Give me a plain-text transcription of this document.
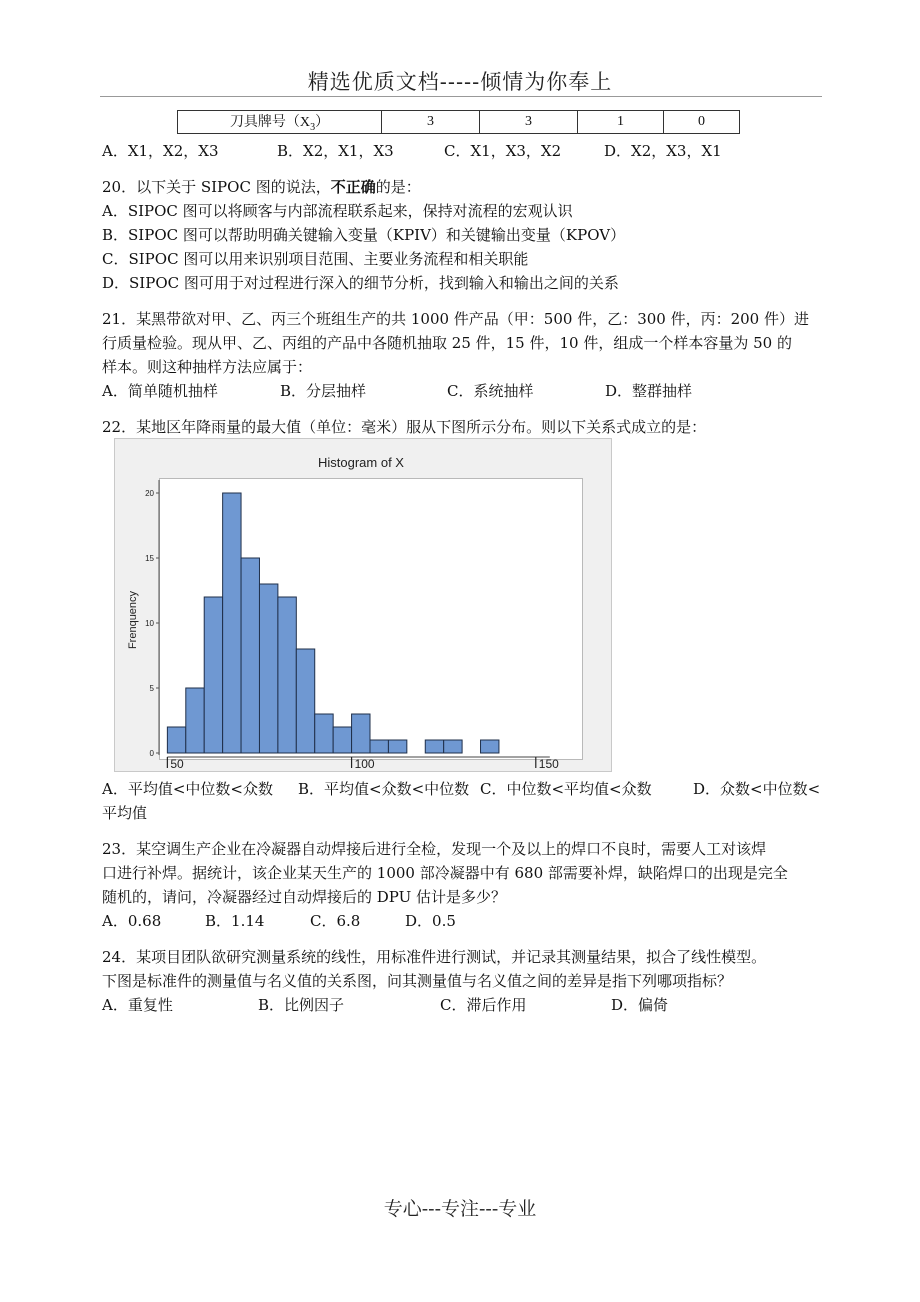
精选优质文档-----倾情为你奉上
刀具牌号$(X_3)$	3	3	1	0
A．X1，X2，X3	B．X2，X1，X3	C．X1，X3，X2	D．X2，X3，X1
20．以下关于 SIPOC 图的说法，不正确的是：
A．SIPOC 图可以将顾客与内部流程联系起来，保持对流程的宏观认识
B．SIPOC 图可以帮助明确关键输入变量（KPIV）和关键输出变量（KPOV）
C．SIPOC 图可以用来识别项目范围、主要业务流程和相关职能
D．SIPOC 图可用于对过程进行深入的细节分析，找到输入和输出之间的关系
21．某黑带欲对甲、乙、丙三个班组生产的共 1000 件产品（甲：500 件，乙：300 件，丙：200 件）进
行质量检验。现从甲、乙、丙组的产品中各随机抽取 25 件，15 件，10 件，组成一个样本容量为 50 的
样本。则这种抽样方法应属于：
A．简单随机抽样	B．分层抽样	C．系统抽样	D．整群抽样
22．某地区年降雨量的最大值（单位：毫米）服从下图所示分布。则以下关系式成立的是：
Histogram of X
Frenquency
0
5
10
15
20
50	100	150
A．平均值<中位数<众数 B．平均值<众数<中位数 C．中位数<平均值<众数	D．众数<中位数<
平均值
23．某空调生产企业在冷凝器自动焊接后进行全检，发现一个及以上的焊口不良时，需要人工对该焊
口进行补焊。据统计，该企业某天生产的 1000 部冷凝器中有 680 部需要补焊，缺陷焊口的出现是完全
随机的，请问，冷凝器经过自动焊接后的 DPU 估计是多少？
A．0.68	B．1.14	C．6.8	D．0.5
24．某项目团队欲研究测量系统的线性，用标准件进行测试，并记录其测量结果，拟合了线性模型。
下图是标准件的测量值与名义值的关系图，问其测量值与名义值之间的差异是指下列哪项指标？
A．重复性	B．比例因子	C．滞后作用	D．偏倚
专心---专注---专业
